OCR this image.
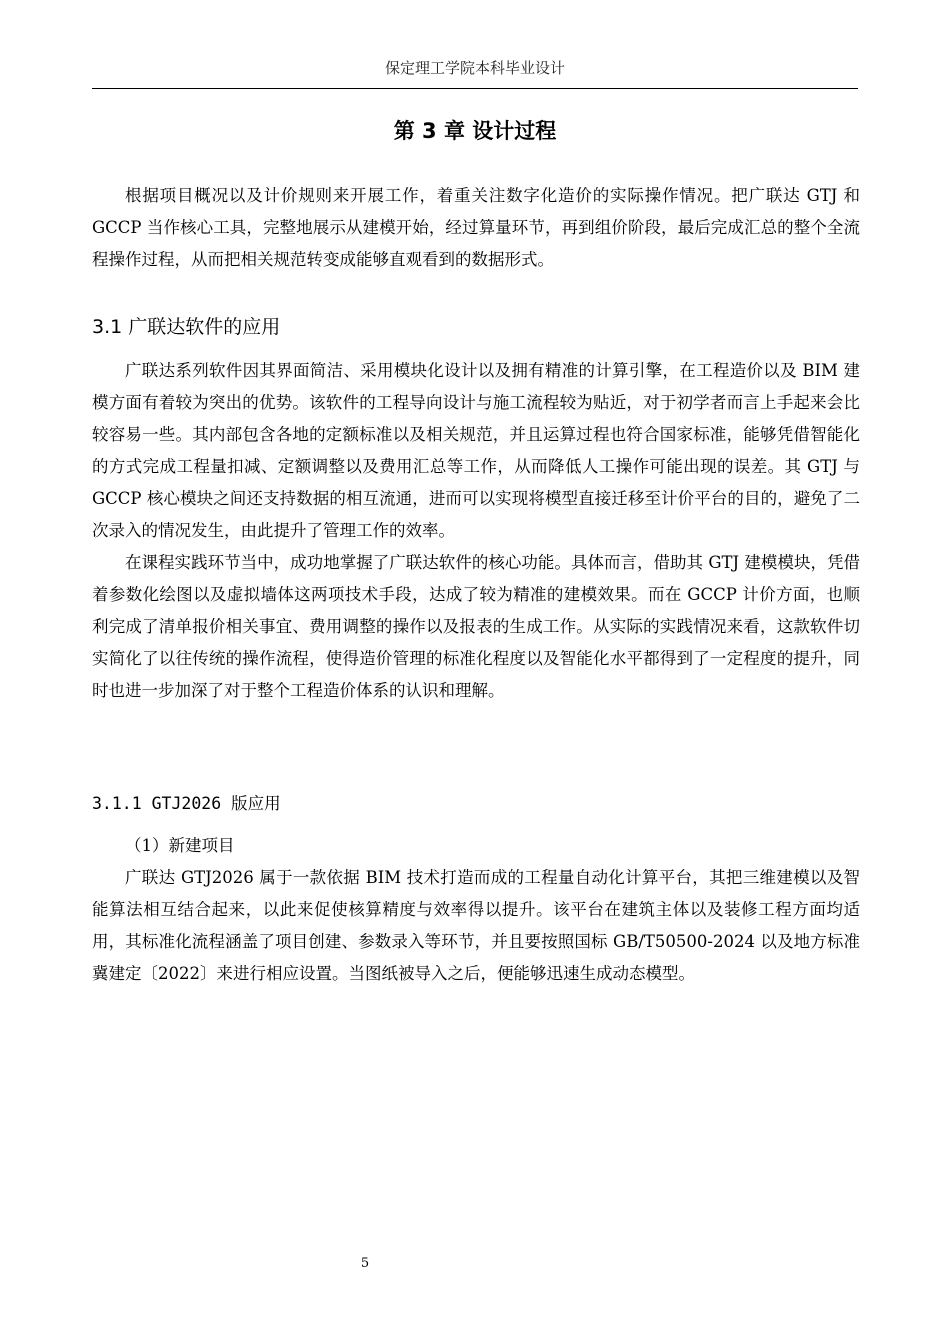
保定理工学院本科毕业设计
第 3 章 设计过程

根据项目概况以及计价规则来开展工作，着重关注数字化造价的实际操作情况。把广联达 GTJ 和 GCCP 当作核心工具，完整地展示从建模开始，经过算量环节，再到组价阶段，最后完成汇总的整个全流程操作过程，从而把相关规范转变成能够直观看到的数据形式。

3.1 广联达软件的应用

广联达系列软件因其界面简洁、采用模块化设计以及拥有精准的计算引擎，在工程造价以及 BIM 建模方面有着较为突出的优势。该软件的工程导向设计与施工流程较为贴近，对于初学者而言上手起来会比较容易一些。其内部包含各地的定额标准以及相关规范，并且运算过程也符合国家标准，能够凭借智能化的方式完成工程量扣减、定额调整以及费用汇总等工作，从而降低人工操作可能出现的误差。其 GTJ 与 GCCP 核心模块之间还支持数据的相互流通，进而可以实现将模型直接迁移至计价平台的目的，避免了二次录入的情况发生，由此提升了管理工作的效率。

在课程实践环节当中，成功地掌握了广联达软件的核心功能。具体而言，借助其 GTJ 建模模块，凭借着参数化绘图以及虚拟墙体这两项技术手段，达成了较为精准的建模效果。而在 GCCP 计价方面，也顺利完成了清单报价相关事宜、费用调整的操作以及报表的生成工作。从实际的实践情况来看，这款软件切实简化了以往传统的操作流程，使得造价管理的标准化程度以及智能化水平都得到了一定程度的提升，同时也进一步加深了对于整个工程造价体系的认识和理解。

3.1.1 GTJ2026 版应用

（1）新建项目

广联达 GTJ2026 属于一款依据 BIM 技术打造而成的工程量自动化计算平台，其把三维建模以及智能算法相互结合起来，以此来促使核算精度与效率得以提升。该平台在建筑主体以及装修工程方面均适用，其标准化流程涵盖了项目创建、参数录入等环节，并且要按照国标 GB/T50500-2024 以及地方标准冀建定〔2022〕来进行相应设置。当图纸被导入之后，便能够迅速生成动态模型。

5
